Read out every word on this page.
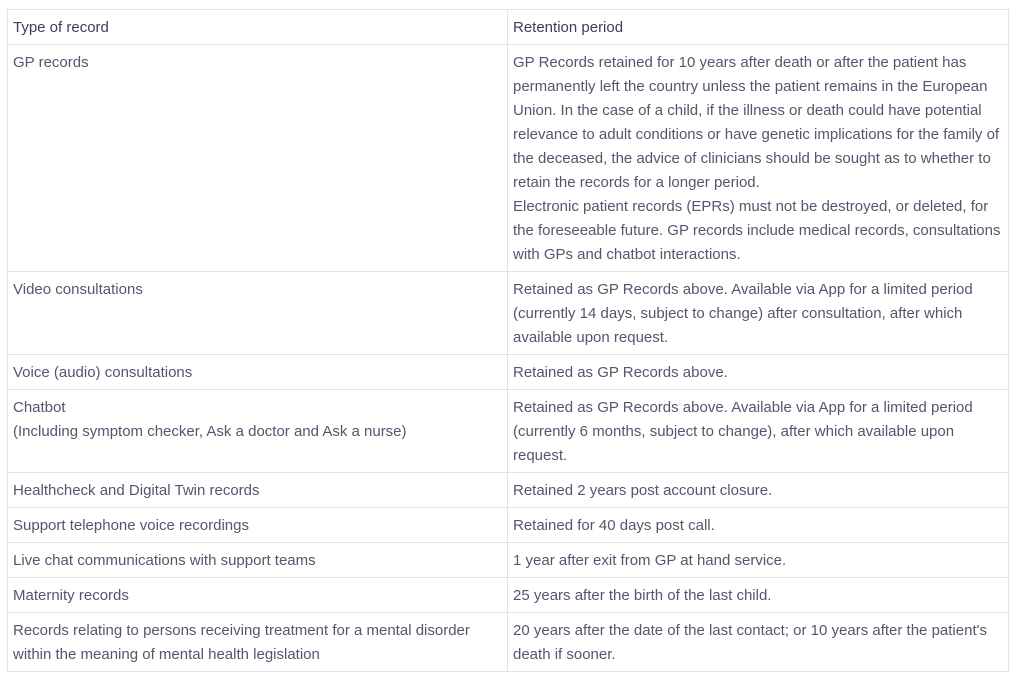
Type of record	Retention period

GP records	GP Records retained for 10 years after death or after the patient has permanently left the country unless the patient remains in the European Union. In the case of a child, if the illness or death could have potential relevance to adult conditions or have genetic implications for the family of the deceased, the advice of clinicians should be sought as to whether to retain the records for a longer period.
Electronic patient records (EPRs) must not be destroyed, or deleted, for the foreseeable future. GP records include medical records, consultations with GPs and chatbot interactions.

Video consultations	Retained as GP Records above. Available via App for a limited period (currently 14 days, subject to change) after consultation, after which available upon request.

Voice (audio) consultations	Retained as GP Records above.

Chatbot
(Including symptom checker, Ask a doctor and Ask a nurse)	Retained as GP Records above. Available via App for a limited period (currently 6 months, subject to change), after which available upon request.

Healthcheck and Digital Twin records	Retained 2 years post account closure.

Support telephone voice recordings	Retained for 40 days post call.

Live chat communications with support teams	1 year after exit from GP at hand service.

Maternity records	25 years after the birth of the last child.

Records relating to persons receiving treatment for a mental disorder within the meaning of mental health legislation	20 years after the date of the last contact; or 10 years after the patient's death if sooner.
